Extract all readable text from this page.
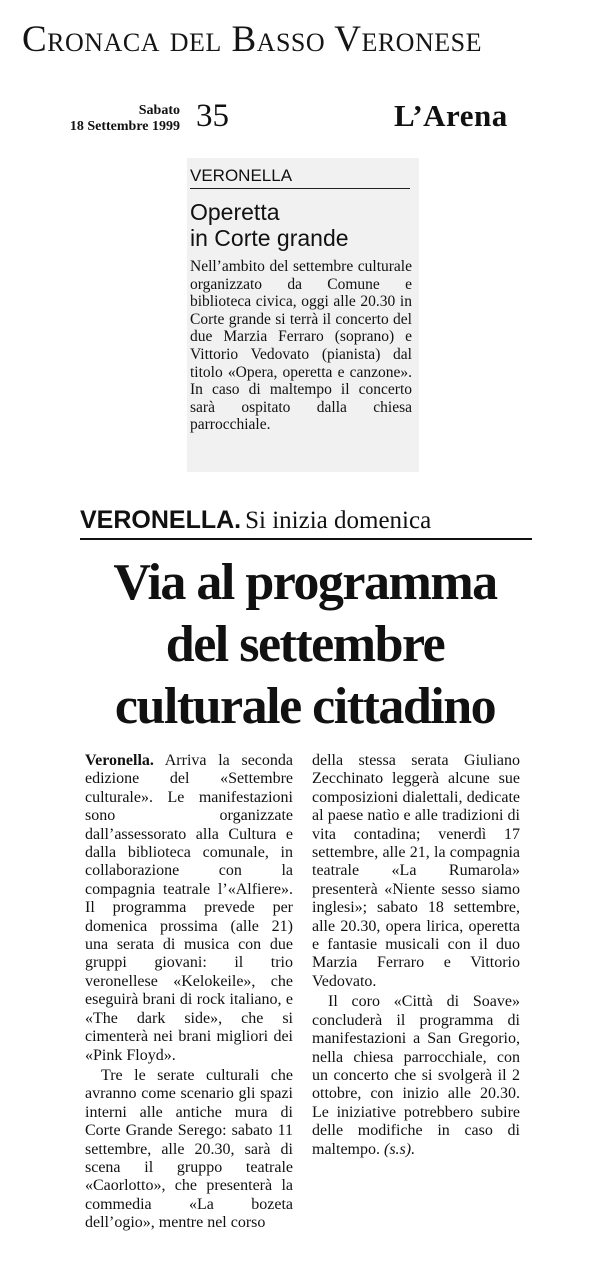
Cronaca del Basso Veronese
Sabato
18 Settembre 1999 35	L’Arena
VERONELLA
Operetta
in Corte grande
Nell’ambito del settembre culturale organizzato da Comune e biblioteca civica, oggi alle 20.30 in Corte grande si terrà il concerto del due Marzia Ferraro (soprano) e Vittorio Vedovato (pianista) dal titolo «Opera, operetta e canzone». In caso di maltempo il concerto sarà ospitato dalla chiesa parrocchiale.
VERONELLA. Si inizia domenica
Via al programma
del settembre
culturale cittadino

Veronella. Arriva la seconda edizione del «Settembre culturale». Le manifestazioni sono organizzate dall’assessorato alla Cultura e dalla biblioteca comunale, in collaborazione con la compagnia teatrale l’«Alfiere». Il programma prevede per domenica prossima (alle 21) una serata di musica con due gruppi giovani: il trio veronellese «Kelokeile», che eseguirà brani di rock italiano, e «The dark side», che si cimenterà nei brani migliori dei «Pink Floyd».

Tre le serate culturali che avranno come scenario gli spazi interni alle antiche mura di Corte Grande Serego: sabato 11 settembre, alle 20.30, sarà di scena il gruppo teatrale «Caorlotto», che presenterà la commedia «La bozeta dell’ogio», mentre nel corso

della stessa serata Giuliano Zecchinato leggerà alcune sue composizioni dialettali, dedicate al paese natìo e alle tradizioni di vita contadina; venerdì 17 settembre, alle 21, la compagnia teatrale «La Rumarola» presenterà «Niente sesso siamo inglesi»; sabato 18 settembre, alle 20.30, opera lirica, operetta e fantasie musicali con il duo Marzia Ferraro e Vittorio Vedovato.

Il coro «Città di Soave» concluderà il programma di manifestazioni a San Gregorio, nella chiesa parrocchiale, con un concerto che si svolgerà il 2 ottobre, con inizio alle 20.30. Le iniziative potrebbero subire delle modifiche in caso di maltempo. (s.s).
